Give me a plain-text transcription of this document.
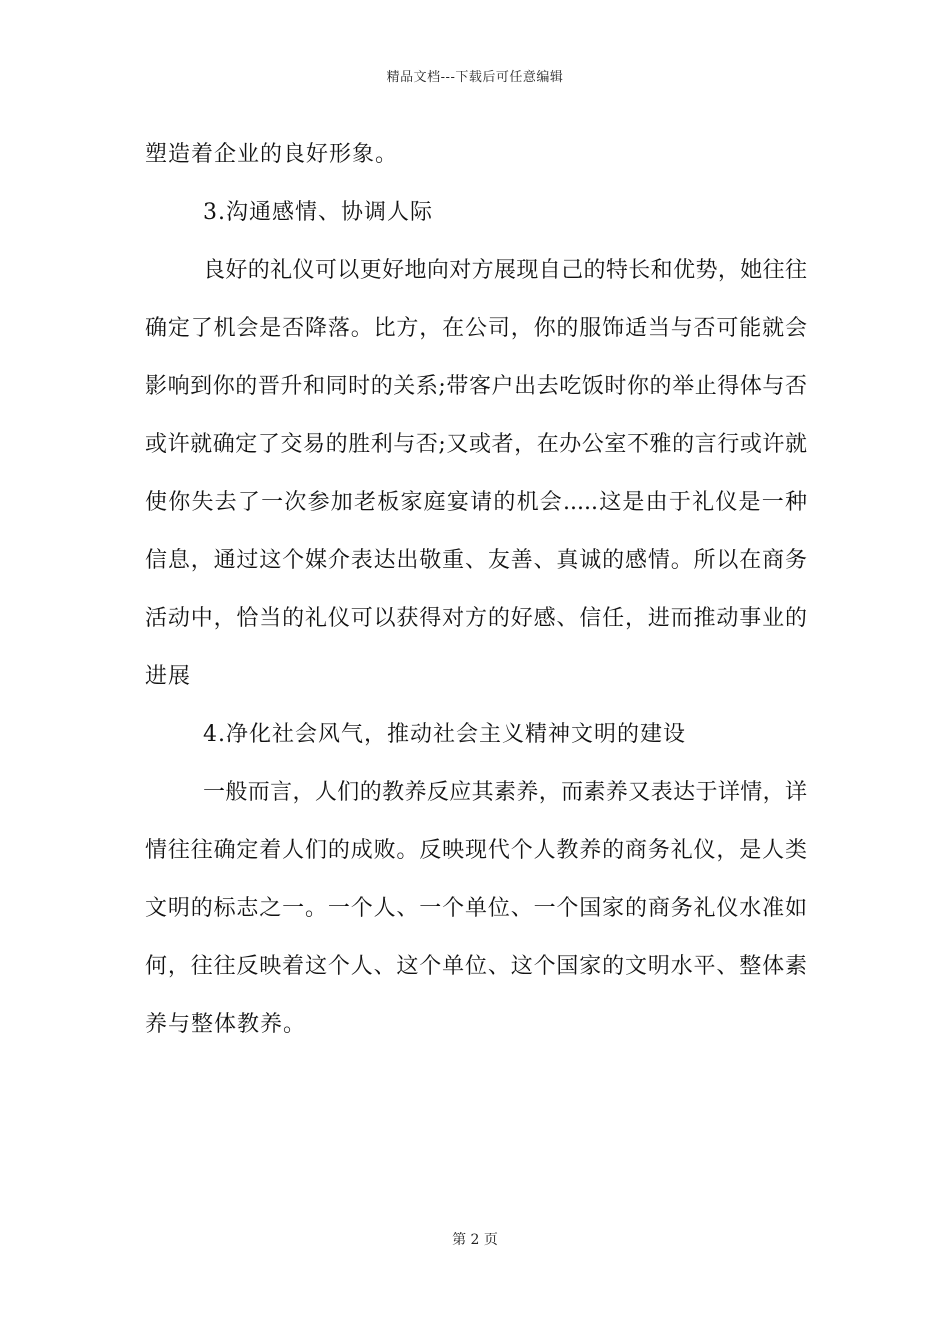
精品文档---下载后可任意编辑
塑造着企业的良好形象。
3.沟通感情、协调人际
良好的礼仪可以更好地向对方展现自己的特长和优势，她往往
确定了机会是否降落。比方，在公司，你的服饰适当与否可能就会
影响到你的晋升和同时的关系;带客户出去吃饭时你的举止得体与否
或许就确定了交易的胜利与否;又或者，在办公室不雅的言行或许就
使你失去了一次参加老板家庭宴请的机会.....这是由于礼仪是一种
信息，通过这个媒介表达出敬重、友善、真诚的感情。所以在商务
活动中，恰当的礼仪可以获得对方的好感、信任，进而推动事业的
进展
4.净化社会风气，推动社会主义精神文明的建设
一般而言，人们的教养反应其素养，而素养又表达于详情，详
情往往确定着人们的成败。反映现代个人教养的商务礼仪，是人类
文明的标志之一。一个人、一个单位、一个国家的商务礼仪水准如
何，往往反映着这个人、这个单位、这个国家的文明水平、整体素
养与整体教养。
第 2 页
